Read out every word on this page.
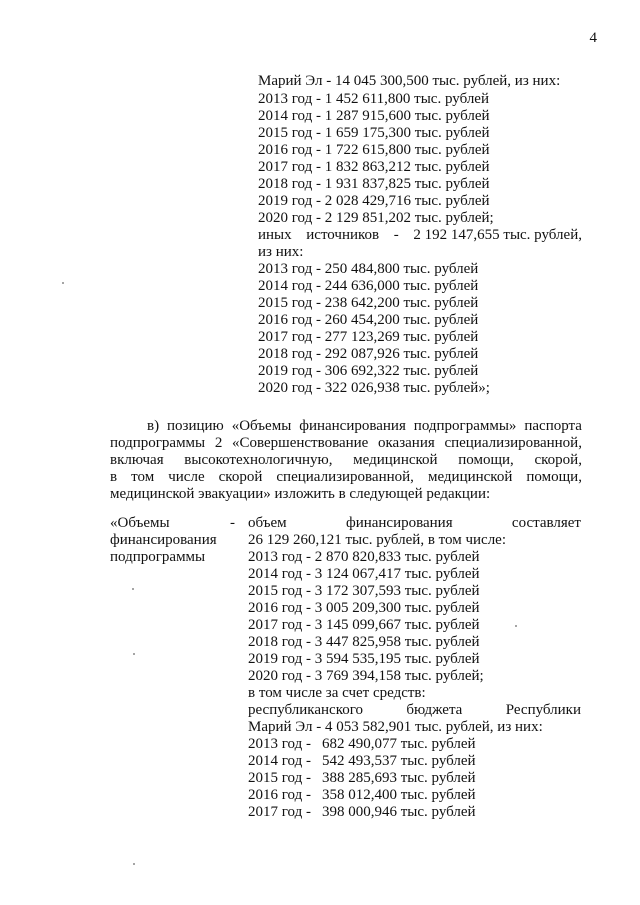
4
Марий Эл - 14 045 300,500 тыс. рублей, из них:
2013 год - 1 452 611,800 тыс. рублей
2014 год - 1 287 915,600 тыс. рублей
2015 год - 1 659 175,300 тыс. рублей
2016 год - 1 722 615,800 тыс. рублей
2017 год - 1 832 863,212 тыс. рублей
2018 год - 1 931 837,825 тыс. рублей
2019 год - 2 028 429,716 тыс. рублей
2020 год - 2 129 851,202 тыс. рублей;
иных источников - 2 192 147,655 тыс. рублей,
из них:
2013 год - 250 484,800 тыс. рублей
2014 год - 244 636,000 тыс. рублей
2015 год - 238 642,200 тыс. рублей
2016 год - 260 454,200 тыс. рублей
2017 год - 277 123,269 тыс. рублей
2018 год - 292 087,926 тыс. рублей
2019 год - 306 692,322 тыс. рублей
2020 год - 322 026,938 тыс. рублей»;
в) позицию «Объемы финансирования подпрограммы» паспорта
подпрограммы 2 «Совершенствование оказания специализированной,
включая высокотехнологичную, медицинской помощи, скорой,
в том числе скорой специализированной, медицинской помощи,
медицинской эвакуации» изложить в следующей редакции:
«Объемы
финансирования
подпрограммы
- объем	финансирования	составляет
26 129 260,121 тыс. рублей, в том числе:
2013 год - 2 870 820,833 тыс. рублей
2014 год - 3 124 067,417 тыс. рублей
2015 год - 3 172 307,593 тыс. рублей
2016 год - 3 005 209,300 тыс. рублей
2017 год - 3 145 099,667 тыс. рублей
2018 год - 3 447 825,958 тыс. рублей
2019 год - 3 594 535,195 тыс. рублей
2020 год - 3 769 394,158 тыс. рублей;
в том числе за счет средств:
республиканского	бюджета	Республики
Марий Эл - 4 053 582,901 тыс. рублей, из них:
2013 год - 682 490,077 тыс. рублей
2014 год - 542 493,537 тыс. рублей
2015 год - 388 285,693 тыс. рублей
2016 год - 358 012,400 тыс. рублей
2017 год - 398 000,946 тыс. рублей
